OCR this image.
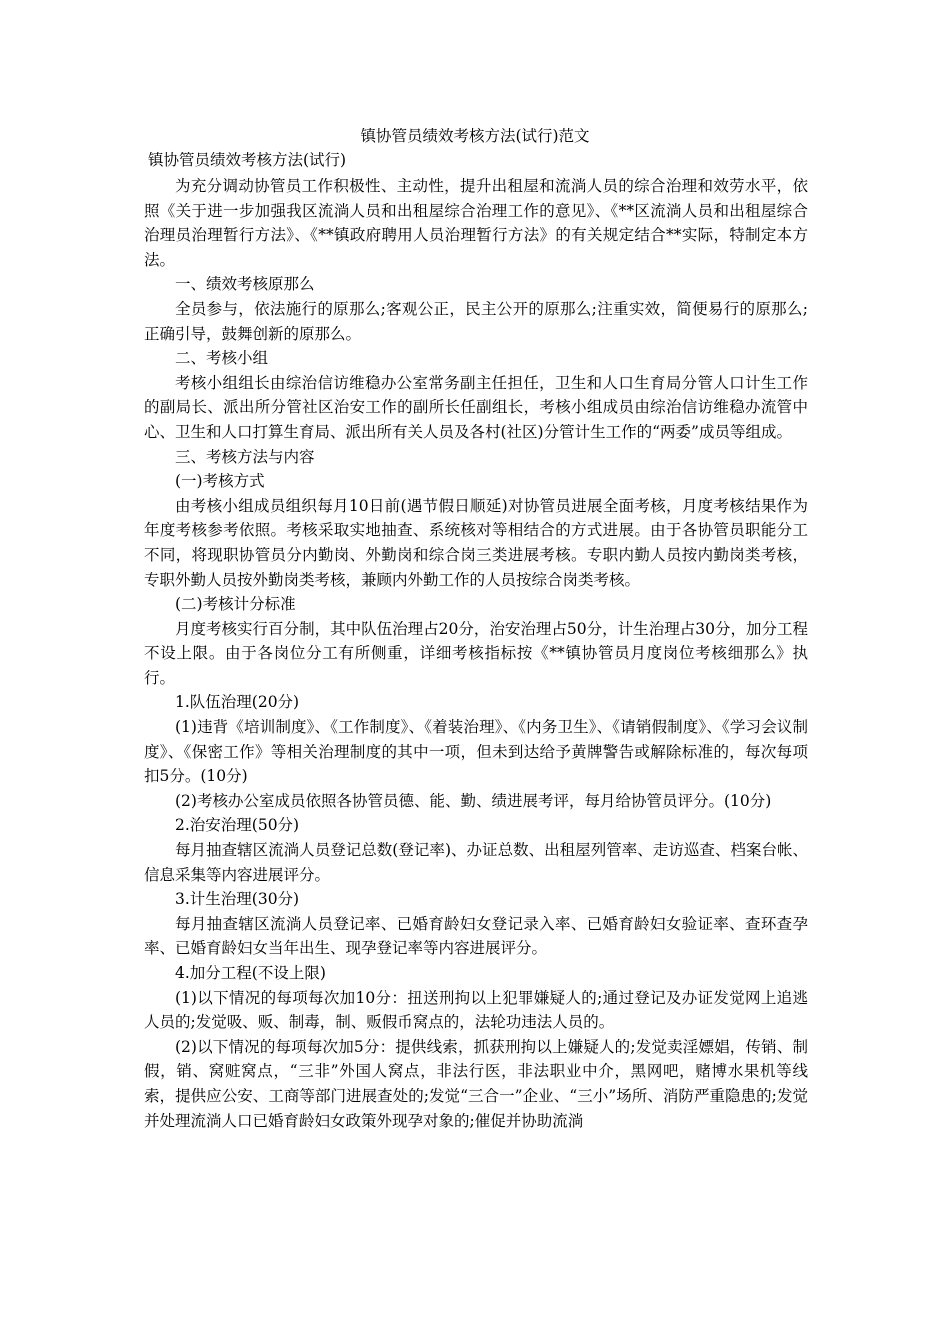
镇协管员绩效考核方法(试行)范文
镇协管员绩效考核方法(试行)

为充分调动协管员工作积极性、主动性，提升出租屋和流淌人员的综合治理和效劳水平，依照《关于进一步加强我区流淌人员和出租屋综合治理工作的意见》、《**区流淌人员和出租屋综合治理员治理暂行方法》、《**镇政府聘用人员治理暂行方法》的有关规定结合**实际，特制定本方法。

一、绩效考核原那么

全员参与，依法施行的原那么;客观公正，民主公开的原那么;注重实效，简便易行的原那么;正确引导，鼓舞创新的原那么。

二、考核小组

考核小组组长由综治信访维稳办公室常务副主任担任，卫生和人口生育局分管人口计生工作的副局长、派出所分管社区治安工作的副所长任副组长，考核小组成员由综治信访维稳办流管中心、卫生和人口打算生育局、派出所有关人员及各村(社区)分管计生工作的“两委”成员等组成。

三、考核方法与内容

(一)考核方式

由考核小组成员组织每月10日前(遇节假日顺延)对协管员进展全面考核，月度考核结果作为年度考核参考依照。考核采取实地抽查、系统核对等相结合的方式进展。由于各协管员职能分工不同，将现职协管员分内勤岗、外勤岗和综合岗三类进展考核。专职内勤人员按内勤岗类考核，专职外勤人员按外勤岗类考核，兼顾内外勤工作的人员按综合岗类考核。

(二)考核计分标准

月度考核实行百分制，其中队伍治理占20分，治安治理占50分，计生治理占30分，加分工程不设上限。由于各岗位分工有所侧重，详细考核指标按《**镇协管员月度岗位考核细那么》执行。

1.队伍治理(20分)

(1)违背《培训制度》、《工作制度》、《着装治理》、《内务卫生》、《请销假制度》、《学习会议制度》、《保密工作》等相关治理制度的其中一项，但未到达给予黄牌警告或解除标准的，每次每项扣5分。(10分)

(2)考核办公室成员依照各协管员德、能、勤、绩进展考评，每月给协管员评分。(10分)

2.治安治理(50分)

每月抽查辖区流淌人员登记总数(登记率)、办证总数、出租屋列管率、走访巡查、档案台帐、信息采集等内容进展评分。

3.计生治理(30分)

每月抽查辖区流淌人员登记率、已婚育龄妇女登记录入率、已婚育龄妇女验证率、查环查孕率、已婚育龄妇女当年出生、现孕登记率等内容进展评分。

4.加分工程(不设上限)

(1)以下情况的每项每次加10分：扭送刑拘以上犯罪嫌疑人的;通过登记及办证发觉网上追逃人员的;发觉吸、贩、制毒，制、贩假币窝点的，法轮功违法人员的。

(2)以下情况的每项每次加5分：提供线索，抓获刑拘以上嫌疑人的;发觉卖淫嫖娼，传销、制假，销、窝赃窝点，“三非”外国人窝点，非法行医，非法职业中介，黑网吧，赌博水果机等线索，提供应公安、工商等部门进展查处的;发觉“三合一”企业、“三小”场所、消防严重隐患的;发觉并处理流淌人口已婚育龄妇女政策外现孕对象的;催促并协助流淌
